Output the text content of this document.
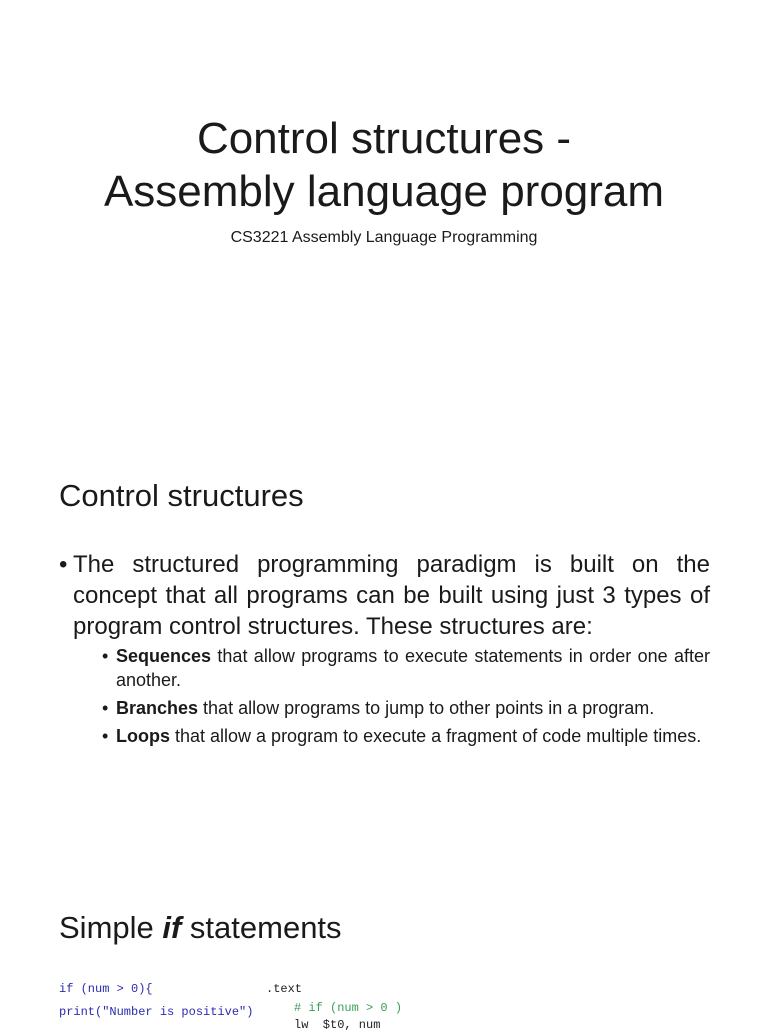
Control structures -
Assembly language program

CS3221 Assembly Language Programming

Control structures
• The structured programming paradigm is built on the concept that all programs can be built using just 3 types of program control structures. These structures are:
• Sequences that allow programs to execute statements in order one after another.
• Branches that allow programs to jump to other points in a program.
• Loops that allow a program to execute a fragment of code multiple times.
Simple if statements
if (num > 0){
print("Number is positive")
.text
# if (num > 0 )
lw  $t0, num
